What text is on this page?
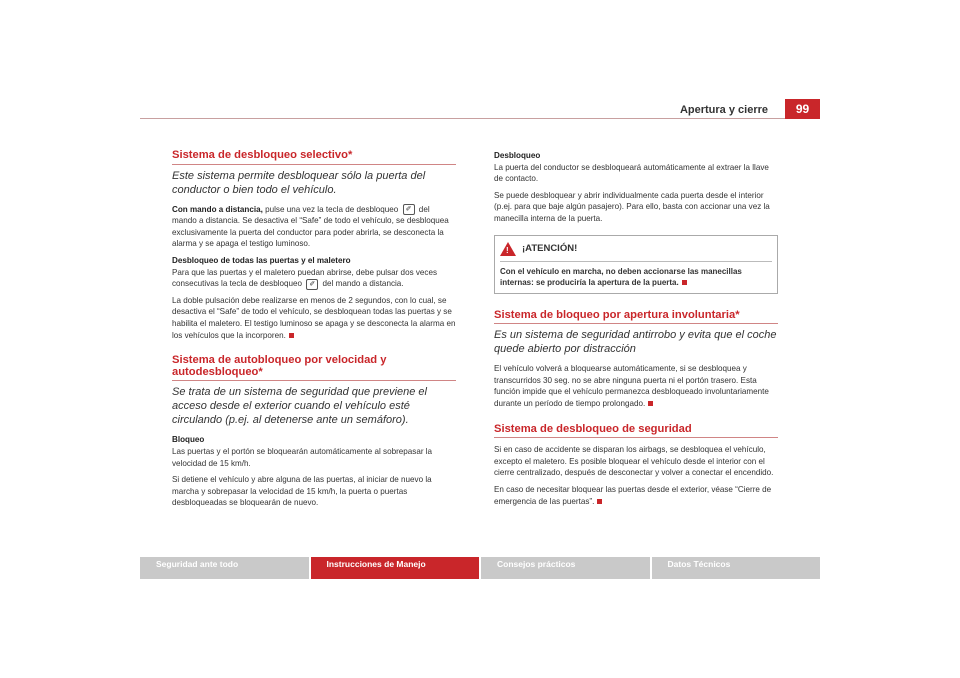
Apertura y cierre	99
Sistema de desbloqueo selectivo*
Este sistema permite desbloquear sólo la puerta del conductor o bien todo el vehículo.

Con mando a distancia, pulse una vez la tecla de desbloqueo ✐ del mando a distancia. Se desactiva el “Safe” de todo el vehículo, se desbloquea exclusivamente la puerta del conductor para poder abrirla, se desconecta la alarma y se apaga el testigo luminoso.

Desbloqueo de todas las puertas y el maletero
Para que las puertas y el maletero puedan abrirse, debe pulsar dos veces consecutivas la tecla de desbloqueo ✐ del mando a distancia.

La doble pulsación debe realizarse en menos de 2 segundos, con lo cual, se desactiva el “Safe” de todo el vehículo, se desbloquean todas las puertas y se habilita el maletero. El testigo luminoso se apaga y se desconecta la alarma en los vehículos que la incorporen.

Sistema de autobloqueo por velocidad y autodesbloqueo*
Se trata de un sistema de seguridad que previene el acceso desde el exterior cuando el vehículo esté circulando (p.ej. al detenerse ante un semáforo).

Bloqueo
Las puertas y el portón se bloquearán automáticamente al sobrepasar la velocidad de 15 km/h.

Si detiene el vehículo y abre alguna de las puertas, al iniciar de nuevo la marcha y sobrepasar la velocidad de 15 km/h, la puerta o puertas desbloqueadas se bloquearán de nuevo.

Desbloqueo
La puerta del conductor se desbloqueará automáticamente al extraer la llave de contacto.

Se puede desbloquear y abrir individualmente cada puerta desde el interior (p.ej. para que baje algún pasajero). Para ello, basta con accionar una vez la manecilla interna de la puerta.

! ¡ATENCIÓN!
Con el vehículo en marcha, no deben accionarse las manecillas internas: se produciría la apertura de la puerta.
Sistema de bloqueo por apertura involuntaria*
Es un sistema de seguridad antirrobo y evita que el coche quede abierto por distracción

El vehículo volverá a bloquearse automáticamente, si se desbloquea y transcurridos 30 seg. no se abre ninguna puerta ni el portón trasero. Esta función impide que el vehículo permanezca desbloqueado involuntariamente durante un período de tiempo prolongado.

Sistema de desbloqueo de seguridad

Si en caso de accidente se disparan los airbags, se desbloquea el vehículo, excepto el maletero. Es posible bloquear el vehículo desde el interior con el cierre centralizado, después de desconectar y volver a conectar el encendido.

En caso de necesitar bloquear las puertas desde el exterior, véase “Cierre de emergencia de las puertas”.

Seguridad ante todo	Instrucciones de Manejo	Consejos prácticos	Datos Técnicos
